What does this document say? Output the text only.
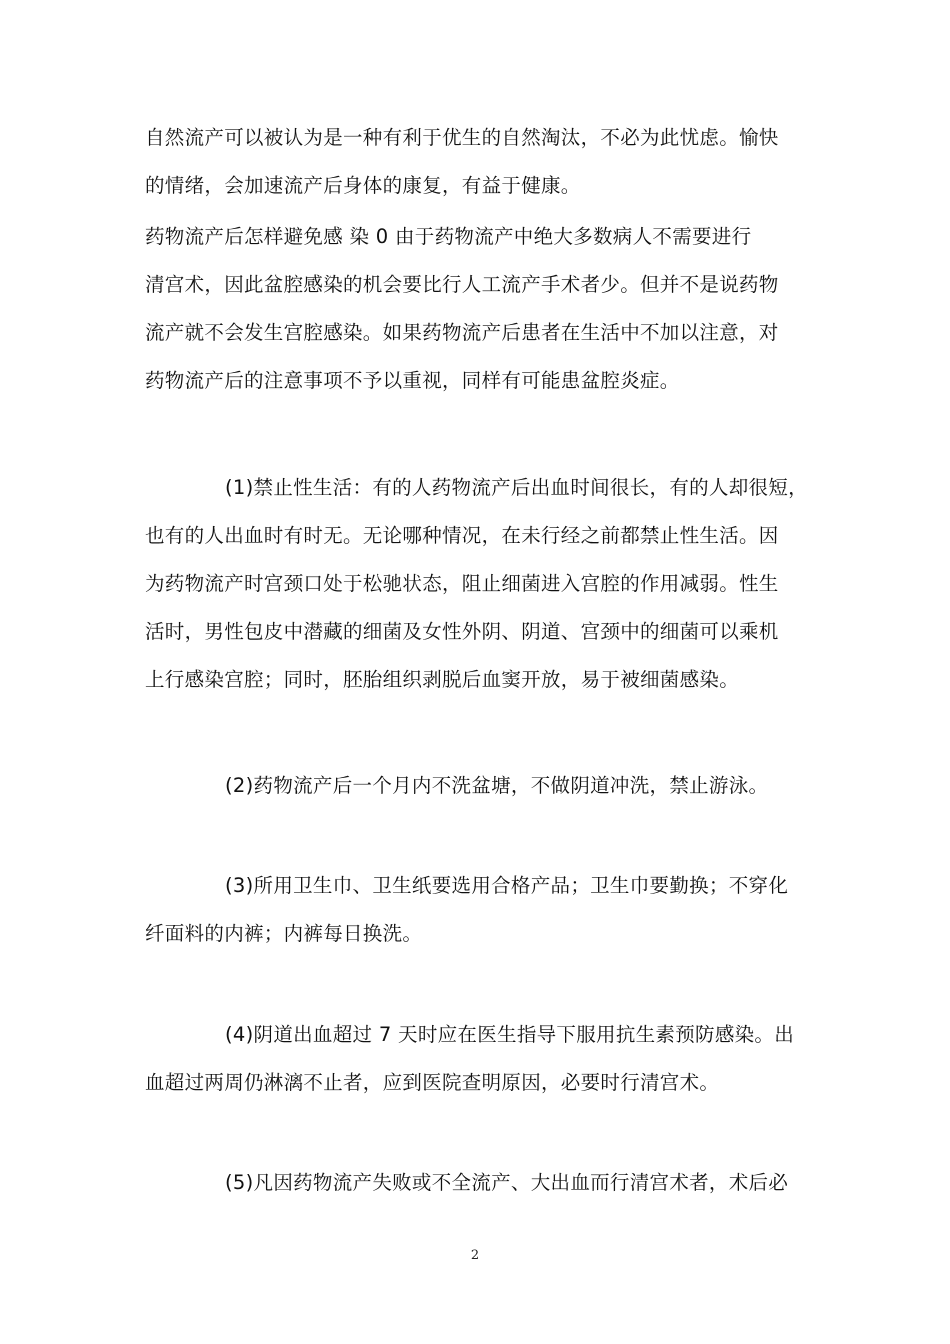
自然流产可以被认为是一种有利于优生的自然淘汰，不必为此忧虑。愉快
的情绪，会加速流产后身体的康复，有益于健康。
药物流产后怎样避免感 染 0 由于药物流产中绝大多数病人不需要进行
清宫术，因此盆腔感染的机会要比行人工流产手术者少。但并不是说药物
流产就不会发生宫腔感染。如果药物流产后患者在生活中不加以注意，对
药物流产后的注意事项不予以重视，同样有可能患盆腔炎症。
(1)禁止性生活：有的人药物流产后出血时间很长，有的人却很短，
也有的人出血时有时无。无论哪种情况，在未行经之前都禁止性生活。因
为药物流产时宫颈口处于松驰状态，阻止细菌进入宫腔的作用减弱。性生
活时，男性包皮中潜藏的细菌及女性外阴、阴道、宫颈中的细菌可以乘机
上行感染宫腔；同时，胚胎组织剥脱后血窦开放，易于被细菌感染。
(2)药物流产后一个月内不洗盆塘，不做阴道冲洗，禁止游泳。
(3)所用卫生巾、卫生纸要选用合格产品；卫生巾要勤换；不穿化
纤面料的内裤；内裤每日换洗。
(4)阴道出血超过 7 天时应在医生指导下服用抗生素预防感染。出
血超过两周仍淋漓不止者，应到医院查明原因，必要时行清宫术。
(5)凡因药物流产失败或不全流产、大出血而行清宫术者，术后必
2
